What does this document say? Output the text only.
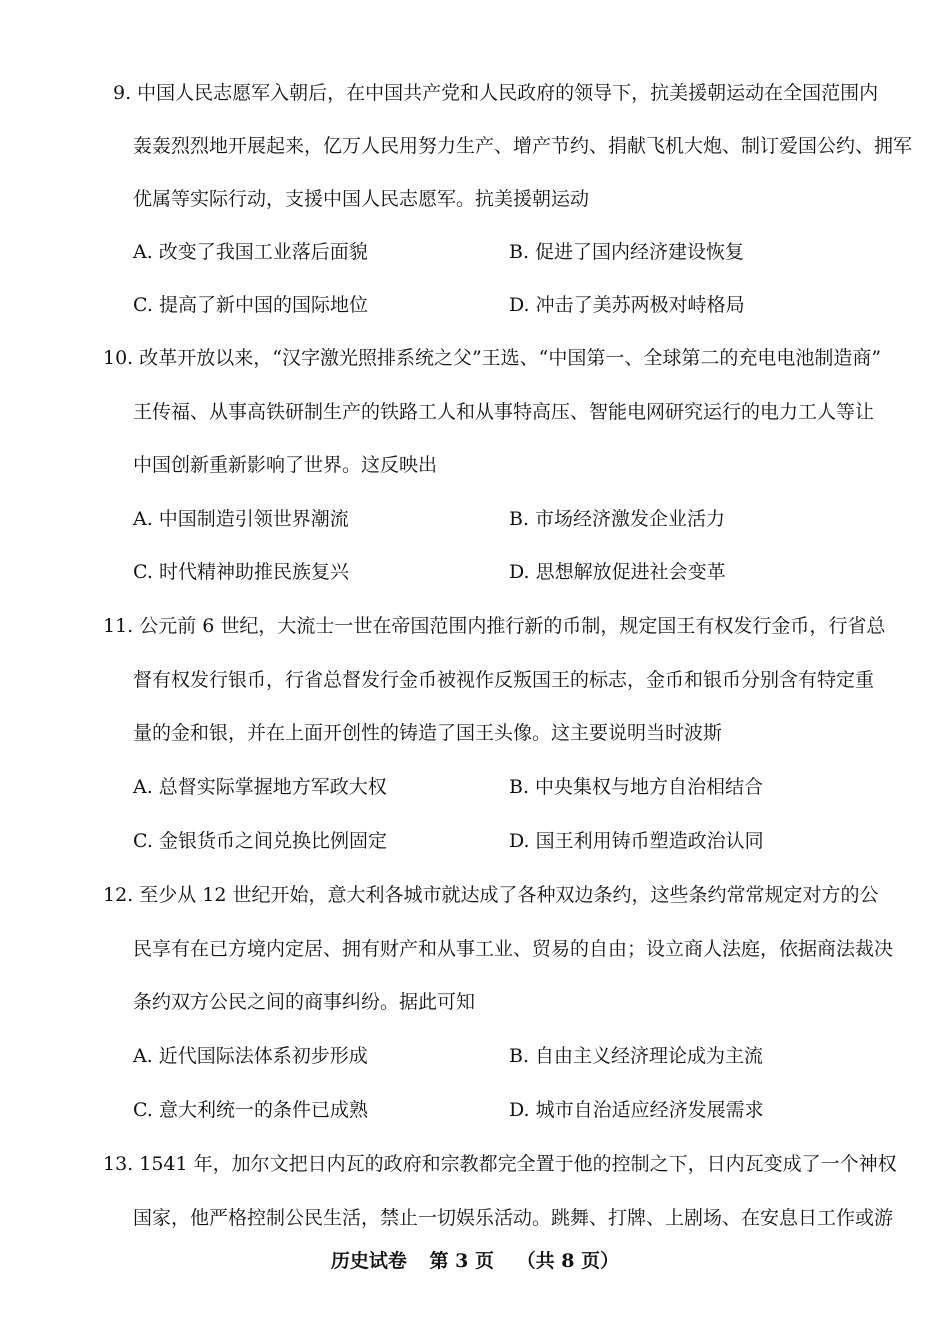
9. 中国人民志愿军入朝后，在中国共产党和人民政府的领导下，抗美援朝运动在全国范围内
轰轰烈烈地开展起来，亿万人民用努力生产、增产节约、捐献飞机大炮、制订爱国公约、拥军
优属等实际行动，支援中国人民志愿军。抗美援朝运动
A. 改变了我国工业落后面貌	B. 促进了国内经济建设恢复
C. 提高了新中国的国际地位	D. 冲击了美苏两极对峙格局
10. 改革开放以来，“汉字激光照排系统之父”王选、“中国第一、全球第二的充电电池制造商”
王传福、从事高铁研制生产的铁路工人和从事特高压、智能电网研究运行的电力工人等让
中国创新重新影响了世界。这反映出
A. 中国制造引领世界潮流	B. 市场经济激发企业活力
C. 时代精神助推民族复兴	D. 思想解放促进社会变革
11. 公元前 6 世纪，大流士一世在帝国范围内推行新的币制，规定国王有权发行金币，行省总
督有权发行银币，行省总督发行金币被视作反叛国王的标志，金币和银币分别含有特定重
量的金和银，并在上面开创性的铸造了国王头像。这主要说明当时波斯
A. 总督实际掌握地方军政大权	B. 中央集权与地方自治相结合
C. 金银货币之间兑换比例固定	D. 国王利用铸币塑造政治认同
12. 至少从 12 世纪开始，意大利各城市就达成了各种双边条约，这些条约常常规定对方的公
民享有在已方境内定居、拥有财产和从事工业、贸易的自由；设立商人法庭，依据商法裁决
条约双方公民之间的商事纠纷。据此可知
A. 近代国际法体系初步形成	B. 自由主义经济理论成为主流
C. 意大利统一的条件已成熟	D. 城市自治适应经济发展需求
13. 1541 年，加尔文把日内瓦的政府和宗教都完全置于他的控制之下，日内瓦变成了一个神权
国家，他严格控制公民生活，禁止一切娱乐活动。跳舞、打牌、上剧场、在安息日工作或游
历史试卷 第 3 页 （共 8 页）
